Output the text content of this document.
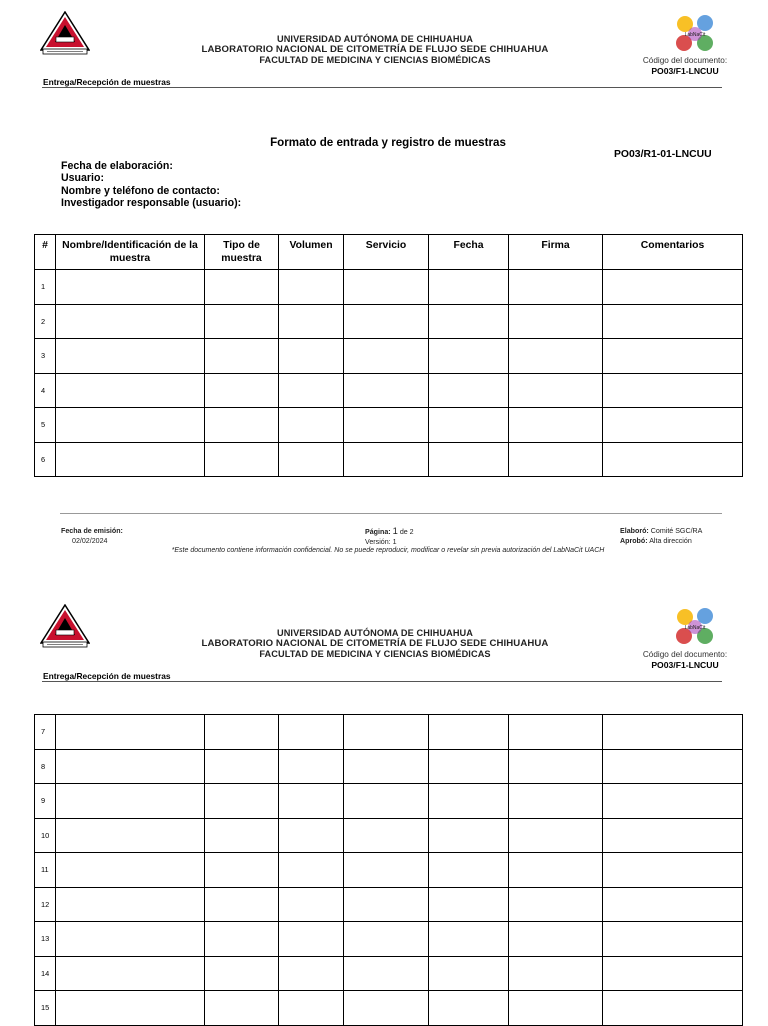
UNIVERSIDAD AUTÓNOMA DE CHIHUAHUA
LABORATORIO NACIONAL DE CITOMETRÍA DE FLUJO SEDE CHIHUAHUA
FACULTAD DE MEDICINA Y CIENCIAS BIOMÉDICAS
LabNaCit
Código del documento:
PO03/F1-LNCUU
Entrega/Recepción de muestras
Formato de entrada y registro de muestras
PO03/R1-01-LNCUU
Fecha de elaboración:
Usuario:
Nombre y teléfono de contacto:
Investigador responsable (usuario):
#	Nombre/Identificación de la muestra	Tipo de muestra	Volumen	Servicio	Fecha	Firma	Comentarios
1							
2							
3							
4							
5							
6							
Fecha de emisión:
02/02/2024
Página: 1 de 2
Versión: 1
Elaboró: Comité SGC/RA
Aprobó: Alta dirección
*Este documento contiene información confidencial. No se puede reproducir, modificar o revelar sin previa autorización del LabNaCit UACH
UNIVERSIDAD AUTÓNOMA DE CHIHUAHUA
LABORATORIO NACIONAL DE CITOMETRÍA DE FLUJO SEDE CHIHUAHUA
FACULTAD DE MEDICINA Y CIENCIAS BIOMÉDICAS
LabNaCit
Código del documento:
PO03/F1-LNCUU
Entrega/Recepción de muestras
7							
8							
9							
10							
11							
12							
13							
14							
15							
